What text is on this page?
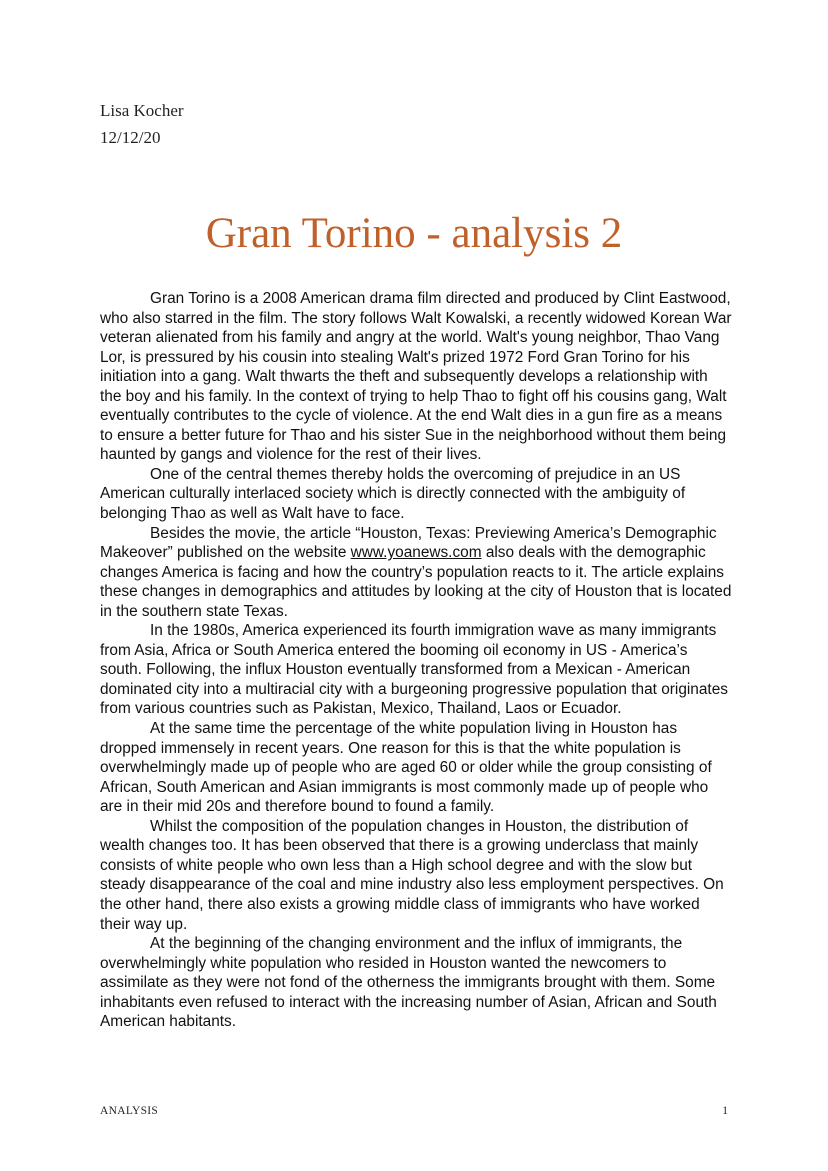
Lisa Kocher
12/12/20
Gran Torino - analysis 2

Gran Torino is a 2008 American drama film directed and produced by Clint Eastwood, who also starred in the film. The story follows Walt Kowalski, a recently widowed Korean War veteran alienated from his family and angry at the world. Walt's young neighbor, Thao Vang Lor, is pressured by his cousin into stealing Walt's prized 1972 Ford Gran Torino for his initiation into a gang. Walt thwarts the theft and subsequently develops a relationship with the boy and his family. In the context of trying to help Thao to fight off his cousins gang, Walt eventually contributes to the cycle of violence. At the end Walt dies in a gun fire as a means to ensure a better future for Thao and his sister Sue in the neighborhood without them being haunted by gangs and violence for the rest of their lives.

One of the central themes thereby holds the overcoming of prejudice in an US American culturally interlaced society which is directly connected with the ambiguity of belonging Thao as well as Walt have to face.

Besides the movie, the article “Houston, Texas: Previewing America’s Demographic Makeover” published on the website www.yoanews.com also deals with the demographic changes America is facing and how the country’s population reacts to it. The article explains these changes in demographics and attitudes by looking at the city of Houston that is located in the southern state Texas.

In the 1980s, America experienced its fourth immigration wave as many immigrants from Asia, Africa or South America entered the booming oil economy in US - America’s south. Following, the influx Houston eventually transformed from a Mexican - American dominated city into a multiracial city with a burgeoning progressive population that originates from various countries such as Pakistan, Mexico, Thailand, Laos or Ecuador.

At the same time the percentage of the white population living in Houston has dropped immensely in recent years. One reason for this is that the white population is overwhelmingly made up of people who are aged 60 or older while the group consisting of African, South American and Asian immigrants is most commonly made up of people who are in their mid 20s and therefore bound to found a family.

Whilst the composition of the population changes in Houston, the distribution of wealth changes too. It has been observed that there is a growing underclass that mainly consists of white people who own less than a High school degree and with the slow but steady disappearance of the coal and mine industry also less employment perspectives. On the other hand, there also exists a growing middle class of immigrants who have worked their way up.

At the beginning of the changing environment and the influx of immigrants, the overwhelmingly white population who resided in Houston wanted the newcomers to assimilate as they were not fond of the otherness the immigrants brought with them. Some inhabitants even refused to interact with the increasing number of Asian, African and South American habitants.

ANALYSIS	1
